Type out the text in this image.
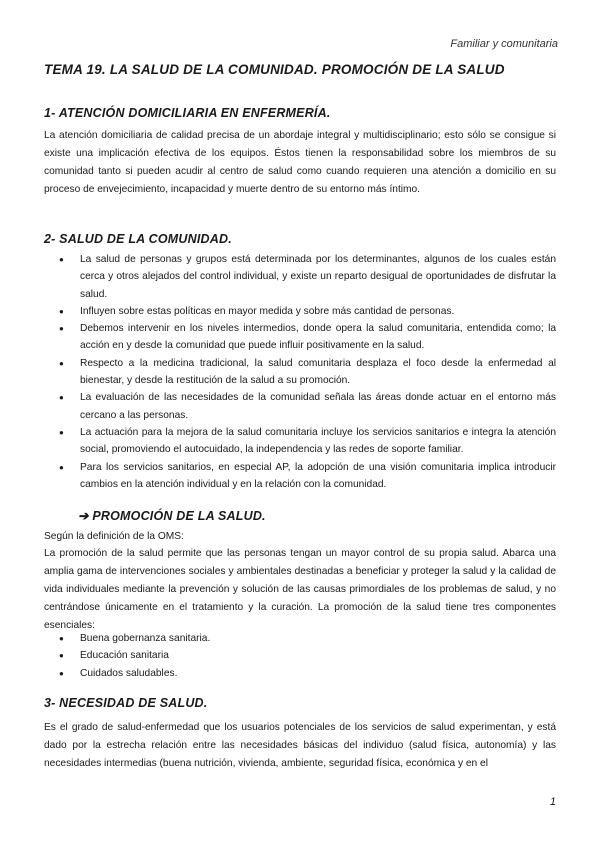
Familiar y comunitaria
TEMA 19. LA SALUD DE LA COMUNIDAD. PROMOCIÓN DE LA SALUD
1- ATENCIÓN DOMICILIARIA EN ENFERMERÍA.
La atención domiciliaria de calidad precisa de un abordaje integral y multidisciplinario; esto sólo se consigue si existe una implicación efectiva de los equipos. Éstos tienen la responsabilidad sobre los miembros de su comunidad tanto si pueden acudir al centro de salud como cuando requieren una atención a domicilio en su proceso de envejecimiento, incapacidad y muerte dentro de su entorno más íntimo.
2- SALUD DE LA COMUNIDAD.
● La salud de personas y grupos está determinada por los determinantes, algunos de los cuales están cerca y otros alejados del control individual, y existe un reparto desigual de oportunidades de disfrutar la salud.
● Influyen sobre estas políticas en mayor medida y sobre más cantidad de personas.
● Debemos intervenir en los niveles intermedios, donde opera la salud comunitaria, entendida como; la acción en y desde la comunidad que puede influir positivamente en la salud.
● Respecto a la medicina tradicional, la salud comunitaria desplaza el foco desde la enfermedad al bienestar, y desde la restitución de la salud a su promoción.
● La evaluación de las necesidades de la comunidad señala las áreas donde actuar en el entorno más cercano a las personas.
● La actuación para la mejora de la salud comunitaria incluye los servicios sanitarios e integra la atención social, promoviendo el autocuidado, la independencia y las redes de soporte familiar.
● Para los servicios sanitarios, en especial AP, la adopción de una visión comunitaria implica introducir cambios en la atención individual y en la relación con la comunidad.
➔ PROMOCIÓN DE LA SALUD.
Según la definición de la OMS:
La promoción de la salud permite que las personas tengan un mayor control de su propia salud. Abarca una amplia gama de intervenciones sociales y ambientales destinadas a beneficiar y proteger la salud y la calidad de vida individuales mediante la prevención y solución de las causas primordiales de los problemas de salud, y no centrándose únicamente en el tratamiento y la curación. La promoción de la salud tiene tres componentes esenciales:
● Buena gobernanza sanitaria.
● Educación sanitaria
● Cuidados saludables.
3- NECESIDAD DE SALUD.
Es el grado de salud-enfermedad que los usuarios potenciales de los servicios de salud experimentan, y está dado por la estrecha relación entre las necesidades básicas del individuo (salud física, autonomía) y las necesidades intermedias (buena nutrición, vivienda, ambiente, seguridad física, económica y en el
1
